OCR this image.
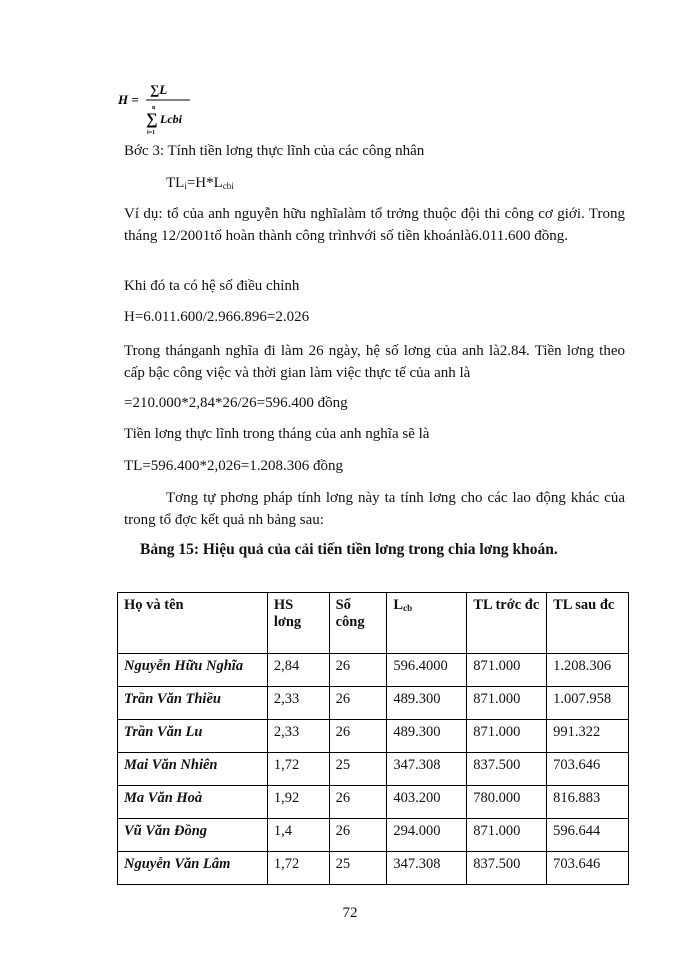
H =
∑L
n
∑
i=1
Lcbi
Bớc 3: Tính tiền lơng thực lĩnh của các công nhân
$TL_i=H*L_{cbi}$
Ví dụ: tổ của anh nguyễn hữu nghĩalàm tổ trởng thuộc đội thi công cơ giới. Trong tháng 12/2001tổ hoàn thành công trìnhvới số tiền khoánlà6.011.600 đồng.
Khi đó ta có hệ số điều chỉnh
H=6.011.600/2.966.896=2.026
Trong thánganh nghĩa đi làm 26 ngày, hệ số lơng của anh là2.84. Tiền lơng theo cấp bậc công việc và thời gian làm việc thực tế của anh là
=210.000*2,84*26/26=596.400 đồng
Tiền lơng thực lĩnh trong tháng của anh nghĩa sẽ là
TL=596.400*2,026=1.208.306 đồng
Tơng tự phơng pháp tính lơng này ta tính lơng cho các lao động khác của trong tổ đợc kết quả nh bảng sau:
Bảng 15: Hiệu quả của cải tiến tiền lơng trong chia lơng khoán.
Họ và tên	HS lơng	Số công	$L_{cb}$	TL trớc đc	TL sau đc
Nguyễn Hữu Nghĩa	2,84	26	596.4000	871.000	1.208.306
Trần Văn Thiều	2,33	26	489.300	871.000	1.007.958
Trần Văn Lu	2,33	26	489.300	871.000	991.322
Mai Văn Nhiên	1,72	25	347.308	837.500	703.646
Ma Văn Hoà	1,92	26	403.200	780.000	816.883
Vũ Văn Đồng	1,4	26	294.000	871.000	596.644
Nguyễn Văn Lâm	1,72	25	347.308	837.500	703.646
72
